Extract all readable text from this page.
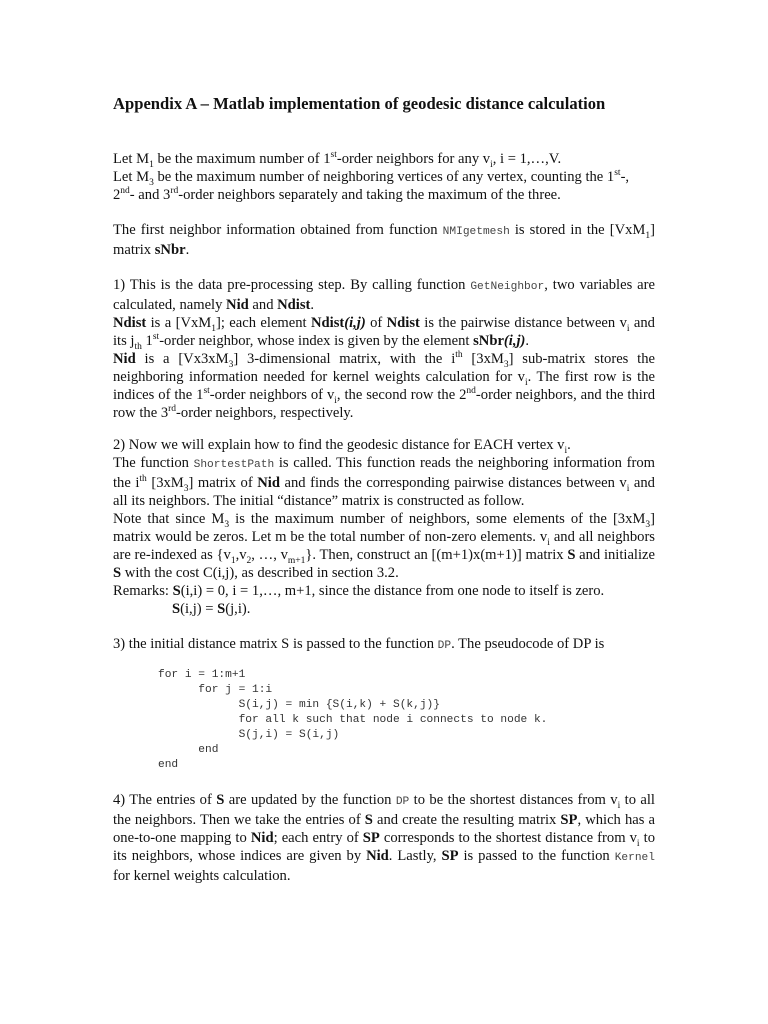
Appendix A – Matlab implementation of geodesic distance calculation
Let $M_1$ be the maximum number of 1st-order neighbors for any $v_i$, i = 1,…,V.
Let $M_3$ be the maximum number of neighboring vertices of any vertex, counting the 1st-,
2nd- and 3rd-order neighbors separately and taking the maximum of the three.
The first neighbor information obtained from function NMIgetmesh is stored in the [VxM$_1$] matrix sNbr.
1) This is the data pre-processing step. By calling function GetNeighbor, two variables are calculated, namely Nid and Ndist.
Ndist is a [VxM$_1$]; each element Ndist(i,j) of Ndist is the pairwise distance between $v_i$ and its $j_{th}$ 1st-order neighbor, whose index is given by the element sNbr(i,j).
Nid is a $[Vx3xM_3]$ 3-dimensional matrix, with the $i^{th}$ $[3xM_3]$ sub-matrix stores the neighboring information needed for kernel weights calculation for $v_i$. The first row is the indices of the 1st-order neighbors of $v_i$, the second row the 2nd-order neighbors, and the third row the 3rd-order neighbors, respectively.
2) Now we will explain how to find the geodesic distance for EACH vertex $v_i$.
The function ShortestPath is called. This function reads the neighboring information from the $i^{th}$ $[3xM_3]$ matrix of Nid and finds the corresponding pairwise distances between $v_i$ and all its neighbors. The initial “distance” matrix is constructed as follow.
Note that since $M_3$ is the maximum number of neighbors, some elements of the $[3xM_3]$ matrix would be zeros. Let m be the total number of non-zero elements. $v_i$ and all neighbors are re-indexed as {$v_1,v_2$, …, $v_{m+1}$}. Then, construct an [(m+1)x(m+1)] matrix S and initialize S with the cost C(i,j), as described in section 3.2.
Remarks: S(i,i) = 0, i = 1,…, m+1, since the distance from one node to itself is zero.
S(i,j) = S(j,i).
3) the initial distance matrix S is passed to the function DP. The pseudocode of DP is
for i = 1:m+1
for j = 1:i
S(i,j) = min {S(i,k) + S(k,j)}
for all k such that node i connects to node k.
S(j,i) = S(i,j)
end
end
4) The entries of S are updated by the function DP to be the shortest distances from $v_i$ to all the neighbors. Then we take the entries of S and create the resulting matrix SP, which has a one-to-one mapping to Nid; each entry of SP corresponds to the shortest distance from $v_i$ to its neighbors, whose indices are given by Nid. Lastly, SP is passed to the function Kernel for kernel weights calculation.
